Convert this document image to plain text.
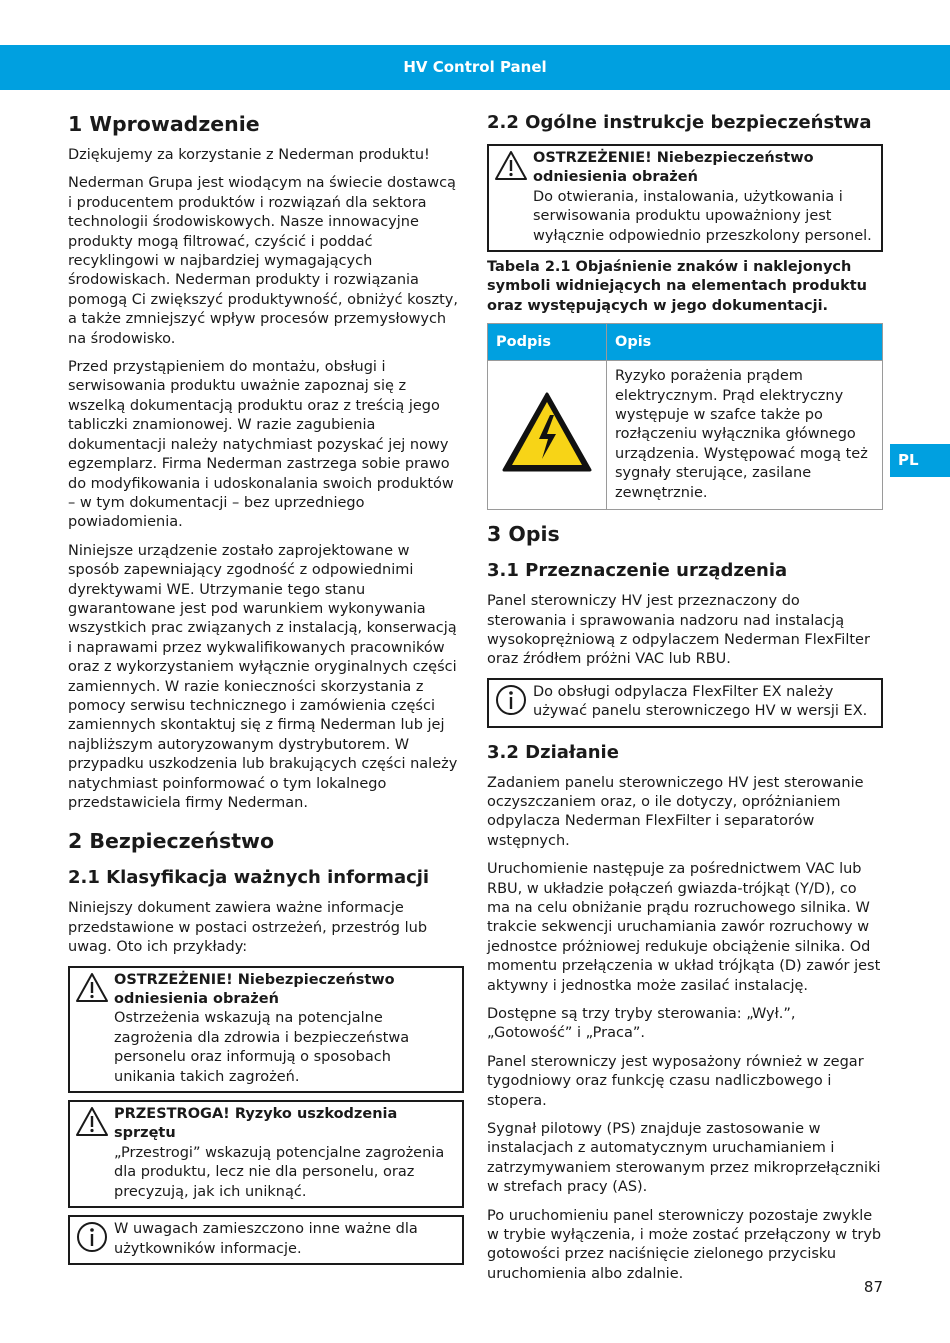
HV Control Panel
1 Wprowadzenie

Dziękujemy za korzystanie z Nederman produktu!

Nederman Grupa jest wiodącym na świecie dostawcą i producentem produktów i rozwiązań dla sektora technologii środowiskowych. Nasze innowacyjne produkty mogą filtrować, czyścić i poddać recyklingowi w najbardziej wymagających środowiskach. Nederman produkty i rozwiązania pomogą Ci zwiększyć produktywność, obniżyć koszty, a także zmniejszyć wpływ procesów przemysłowych na środowisko.

Przed przystąpieniem do montażu, obsługi i serwisowania produktu uważnie zapoznaj się z wszelką dokumentacją produktu oraz z treścią jego tabliczki znamionowej. W razie zagubienia dokumentacji należy natychmiast pozyskać jej nowy egzemplarz. Firma Nederman zastrzega sobie prawo do modyfikowania i udoskonalania swoich produktów – w tym dokumentacji – bez uprzedniego powiadomienia.

Niniejsze urządzenie zostało zaprojektowane w sposób zapewniający zgodność z odpowiednimi dyrektywami WE. Utrzymanie tego stanu gwarantowane jest pod warunkiem wykonywania wszystkich prac związanych z instalacją, konserwacją i naprawami przez wykwalifikowanych pracowników oraz z wykorzystaniem wyłącznie oryginalnych części zamiennych. W razie konieczności skorzystania z pomocy serwisu technicznego i zamówienia części zamiennych skontaktuj się z firmą Nederman lub jej najbliższym autoryzowanym dystrybutorem. W przypadku uszkodzenia lub brakujących części należy natychmiast poinformować o tym lokalnego przedstawiciela firmy Nederman.

2 Bezpieczeństwo
2.1 Klasyfikacja ważnych informacji

Niniejszy dokument zawiera ważne informacje przedstawione w postaci ostrzeżeń, przestróg lub uwag. Oto ich przykłady:

OSTRZEŻENIE! Niebezpieczeństwo odniesienia obrażeń
Ostrzeżenia wskazują na potencjalne zagrożenia dla zdrowia i bezpieczeństwa personelu oraz informują o sposobach unikania takich zagrożeń.
PRZESTROGA! Ryzyko uszkodzenia sprzętu
„Przestrogi” wskazują potencjalne zagrożenia dla produktu, lecz nie dla personelu, oraz precyzują, jak ich uniknąć.
W uwagach zamieszczono inne ważne dla użytkowników informacje.
2.2 Ogólne instrukcje bezpieczeństwa
OSTRZEŻENIE! Niebezpieczeństwo odniesienia obrażeń
Do otwierania, instalowania, użytkowania i serwisowania produktu upoważniony jest wyłącznie odpowiednio przeszkolony personel.
Tabela 2.1 Objaśnienie znaków i naklejonych symboli widniejących na elementach produktu oraz występujących w jego dokumentacji.
Podpis	Opis
	Ryzyko porażenia prądem elektrycznym. Prąd elektryczny występuje w szafce także po rozłączeniu wyłącznika głównego urządzenia. Występować mogą też sygnały sterujące, zasilane zewnętrznie.
3 Opis
3.1 Przeznaczenie urządzenia

Panel sterowniczy HV jest przeznaczony do sterowania i sprawowania nadzoru nad instalacją wysokoprężniową z odpylaczem Nederman FlexFilter oraz źródłem próżni VAC lub RBU.

Do obsługi odpylacza FlexFilter EX należy używać panelu sterowniczego HV w wersji EX.
3.2 Działanie

Zadaniem panelu sterowniczego HV jest sterowanie oczyszczaniem oraz, o ile dotyczy, opróżnianiem odpylacza Nederman FlexFilter i separatorów wstępnych.

Uruchomienie następuje za pośrednictwem VAC lub RBU, w układzie połączeń gwiazda-trójkąt (Y/D), co ma na celu obniżanie prądu rozruchowego silnika. W trakcie sekwencji uruchamiania zawór rozruchowy w jednostce próżniowej redukuje obciążenie silnika. Od momentu przełączenia w układ trójkąta (D) zawór jest aktywny i jednostka może zasilać instalację.

Dostępne są trzy tryby sterowania: „Wył.”, „Gotowość” i „Praca”.

Panel sterowniczy jest wyposażony również w zegar tygodniowy oraz funkcję czasu nadliczbowego i stopera.

Sygnał pilotowy (PS) znajduje zastosowanie w instalacjach z automatycznym uruchamianiem i zatrzymywaniem sterowanym przez mikroprzełączniki w strefach pracy (AS).

Po uruchomieniu panel sterowniczy pozostaje zwykle w trybie wyłączenia, i może zostać przełączony w tryb gotowości przez naciśnięcie zielonego przycisku uruchomienia albo zdalnie.

PL
87
